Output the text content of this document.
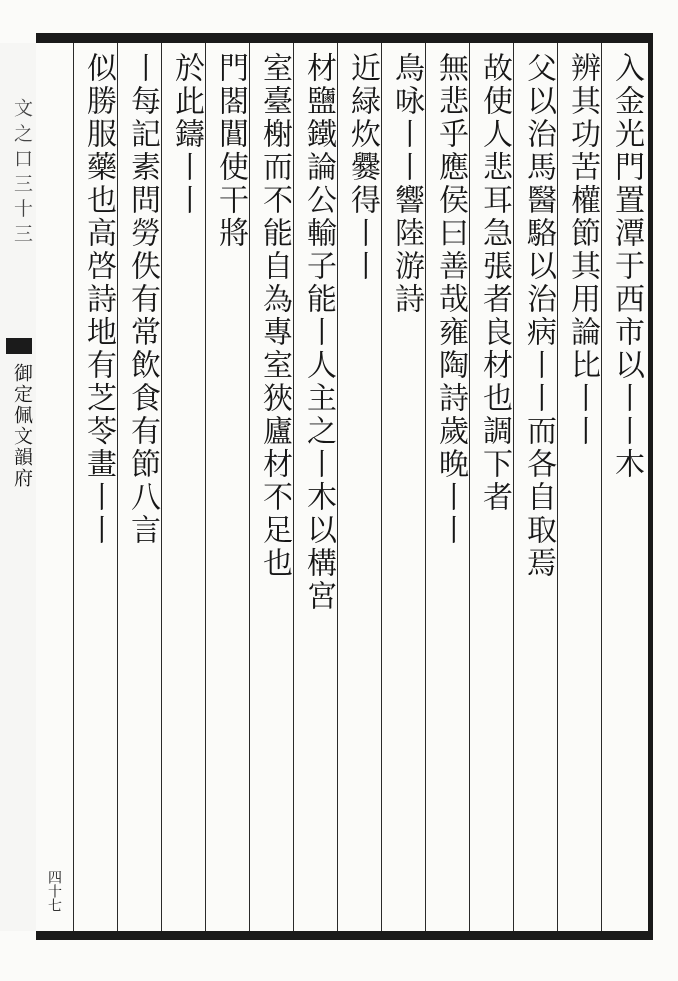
文 之 口 三 十 三
御定佩文韻府	入金光門置潭于西市以丨丨木
辨其功苦權節其用論比丨丨
父以治馬醫駱以治病丨丨而各自取焉
故使人悲耳急張者良材也調下者
無悲乎應侯曰善哉雍陶詩歲晚丨丨
鳥咏丨丨響陸游詩
近緑炊爨得丨丨
材鹽鐵論公輸子能丨人主之丨木以構宮
室臺榭而不能自為專室狹廬材不足也
門閤閶使干將
於此鑄丨丨
丨每記素問勞佚有常飲食有節八言
似勝服藥也高啓詩地有芝苓畫丨丨
四十七
